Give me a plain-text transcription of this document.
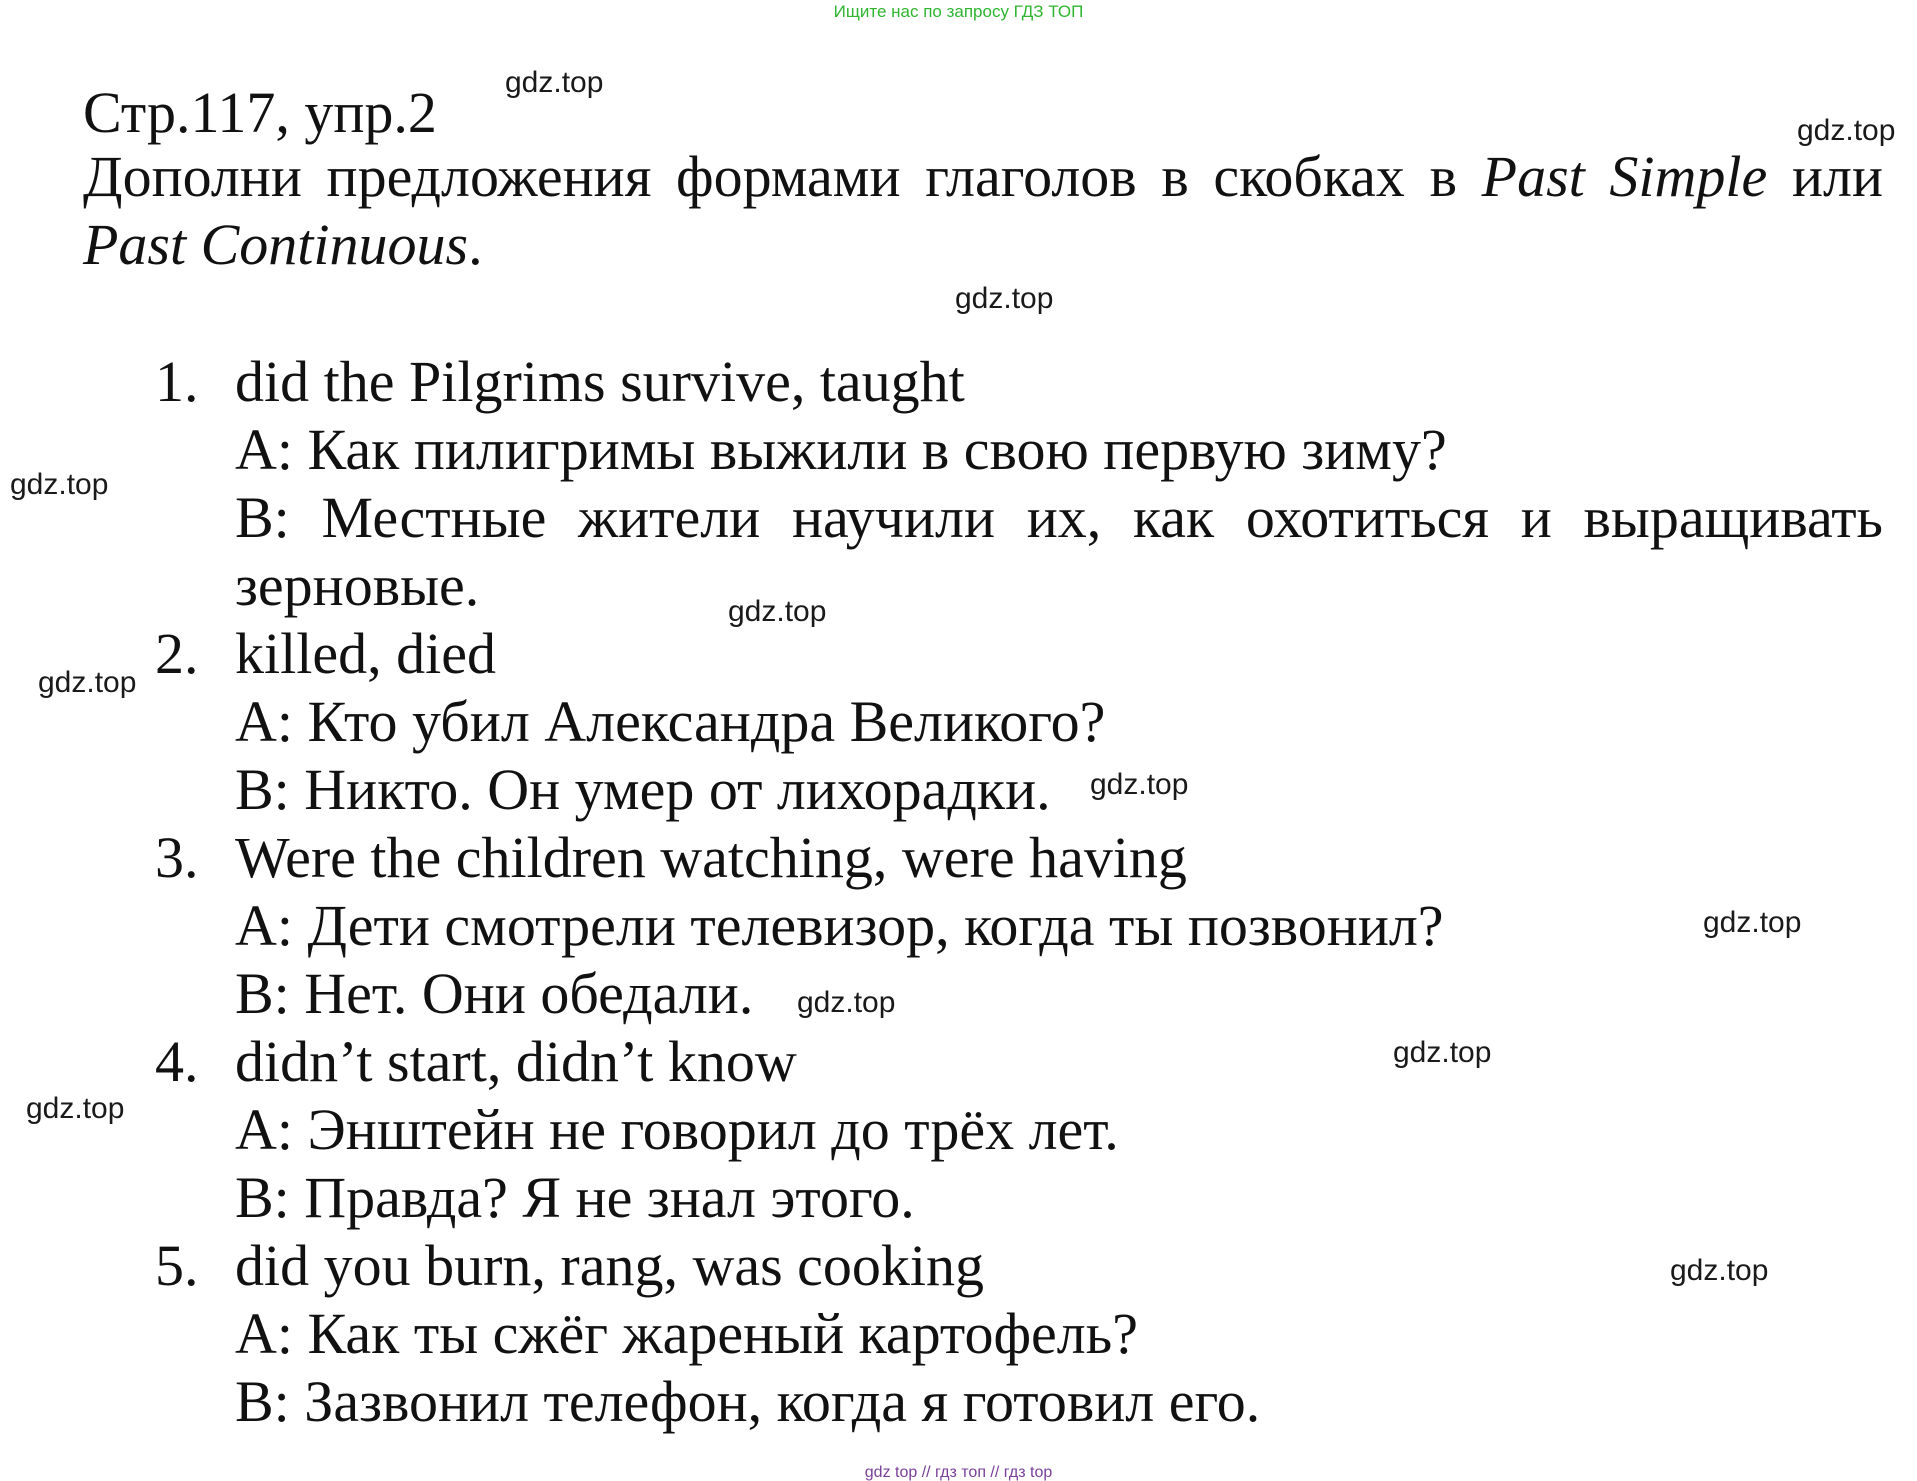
Ищите нас по запросу ГДЗ ТОП
Стр.117, упр.2
Дополни предложения формами глаголов в скобках в Past Simple или Past Continuous.
1. did the Pilgrims survive, taught
A: Как пилигримы выжили в свою первую зиму?
B: Местные жители научили их, как охотиться и выращивать зерновые.
2. killed, died
A: Кто убил Александра Великого?
B: Никто. Он умер от лихорадки.
3. Were the children watching, were having
A: Дети смотрели телевизор, когда ты позвонил?
B: Нет. Они обедали.
4. didn’t start, didn’t know
A: Энштейн не говорил до трёх лет.
B: Правда? Я не знал этого.
5. did you burn, rang, was cooking
A: Как ты сжёг жареный картофель?
B: Зазвонил телефон, когда я готовил его.
gdz.top
gdz.top
gdz.top
gdz.top
gdz.top
gdz.top
gdz.top
gdz.top
gdz.top
gdz.top
gdz.top
gdz.top
gdz top // гдз топ // гдз top
